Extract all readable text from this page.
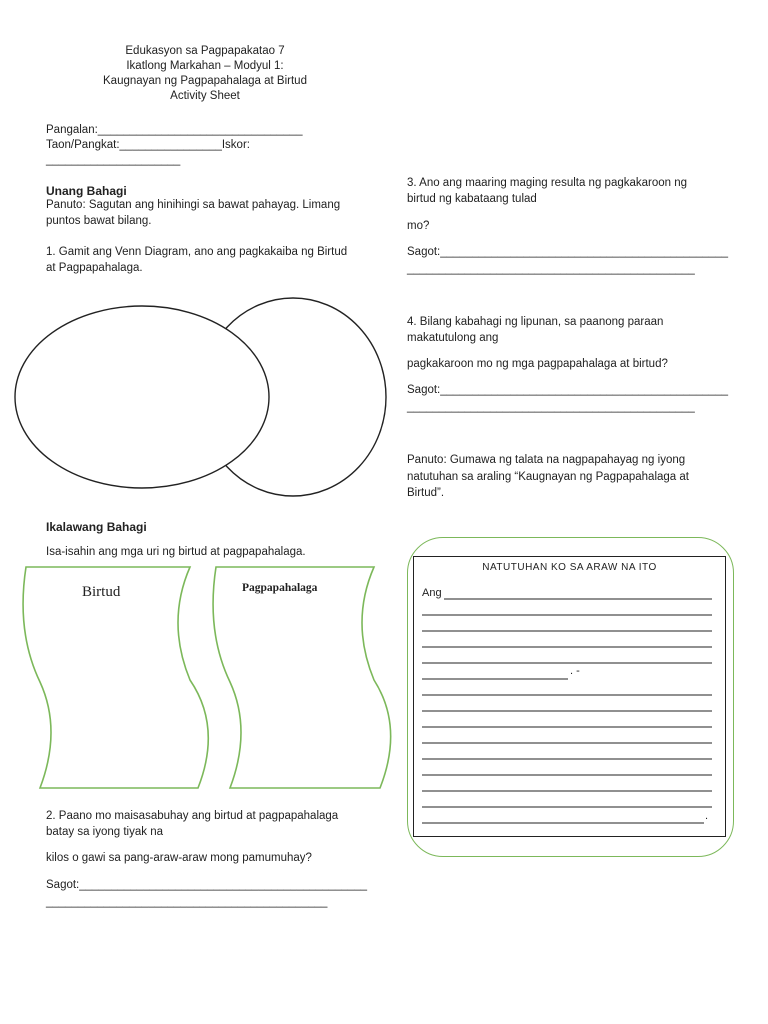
Edukasyon sa Pagpapakatao 7
Ikatlong Markahan – Modyul 1:
Kaugnayan ng Pagpapahalaga at Birtud
Activity Sheet
Pangalan:________________________________
Taon/Pangkat:________________Iskor:
_____________________
Unang Bahagi
Panuto: Sagutan ang hinihingi sa bawat pahayag. Limang
puntos bawat bilang.
1. Gamit ang Venn Diagram, ano ang pagkakaiba ng Birtud
at Pagpapahalaga.
Ikalawang Bahagi
Isa-isahin ang mga uri ng birtud at pagpapahalaga.
Birtud	Pagpapahalaga
2. Paano mo maisasabuhay ang birtud at pagpapahalaga
batay sa iyong tiyak na
kilos o gawi sa pang-araw-araw mong pamumuhay?
Sagot:_____________________________________________
____________________________________________
3. Ano ang maaring maging resulta ng pagkakaroon ng
birtud ng kabataang tulad
mo?
Sagot:_____________________________________________
_____________________________________________
4. Bilang kabahagi ng lipunan, sa paanong paraan
makatutulong ang
pagkakaroon mo ng mga pagpapahalaga at birtud?
Sagot:_____________________________________________
_____________________________________________
Panuto: Gumawa ng talata na nagpapahayag ng iyong
natutuhan sa araling “Kaugnayan ng Pagpapahalaga at
Birtud”.
NATUTUHAN KO SA ARAW NA ITO
Ang
. -
.
